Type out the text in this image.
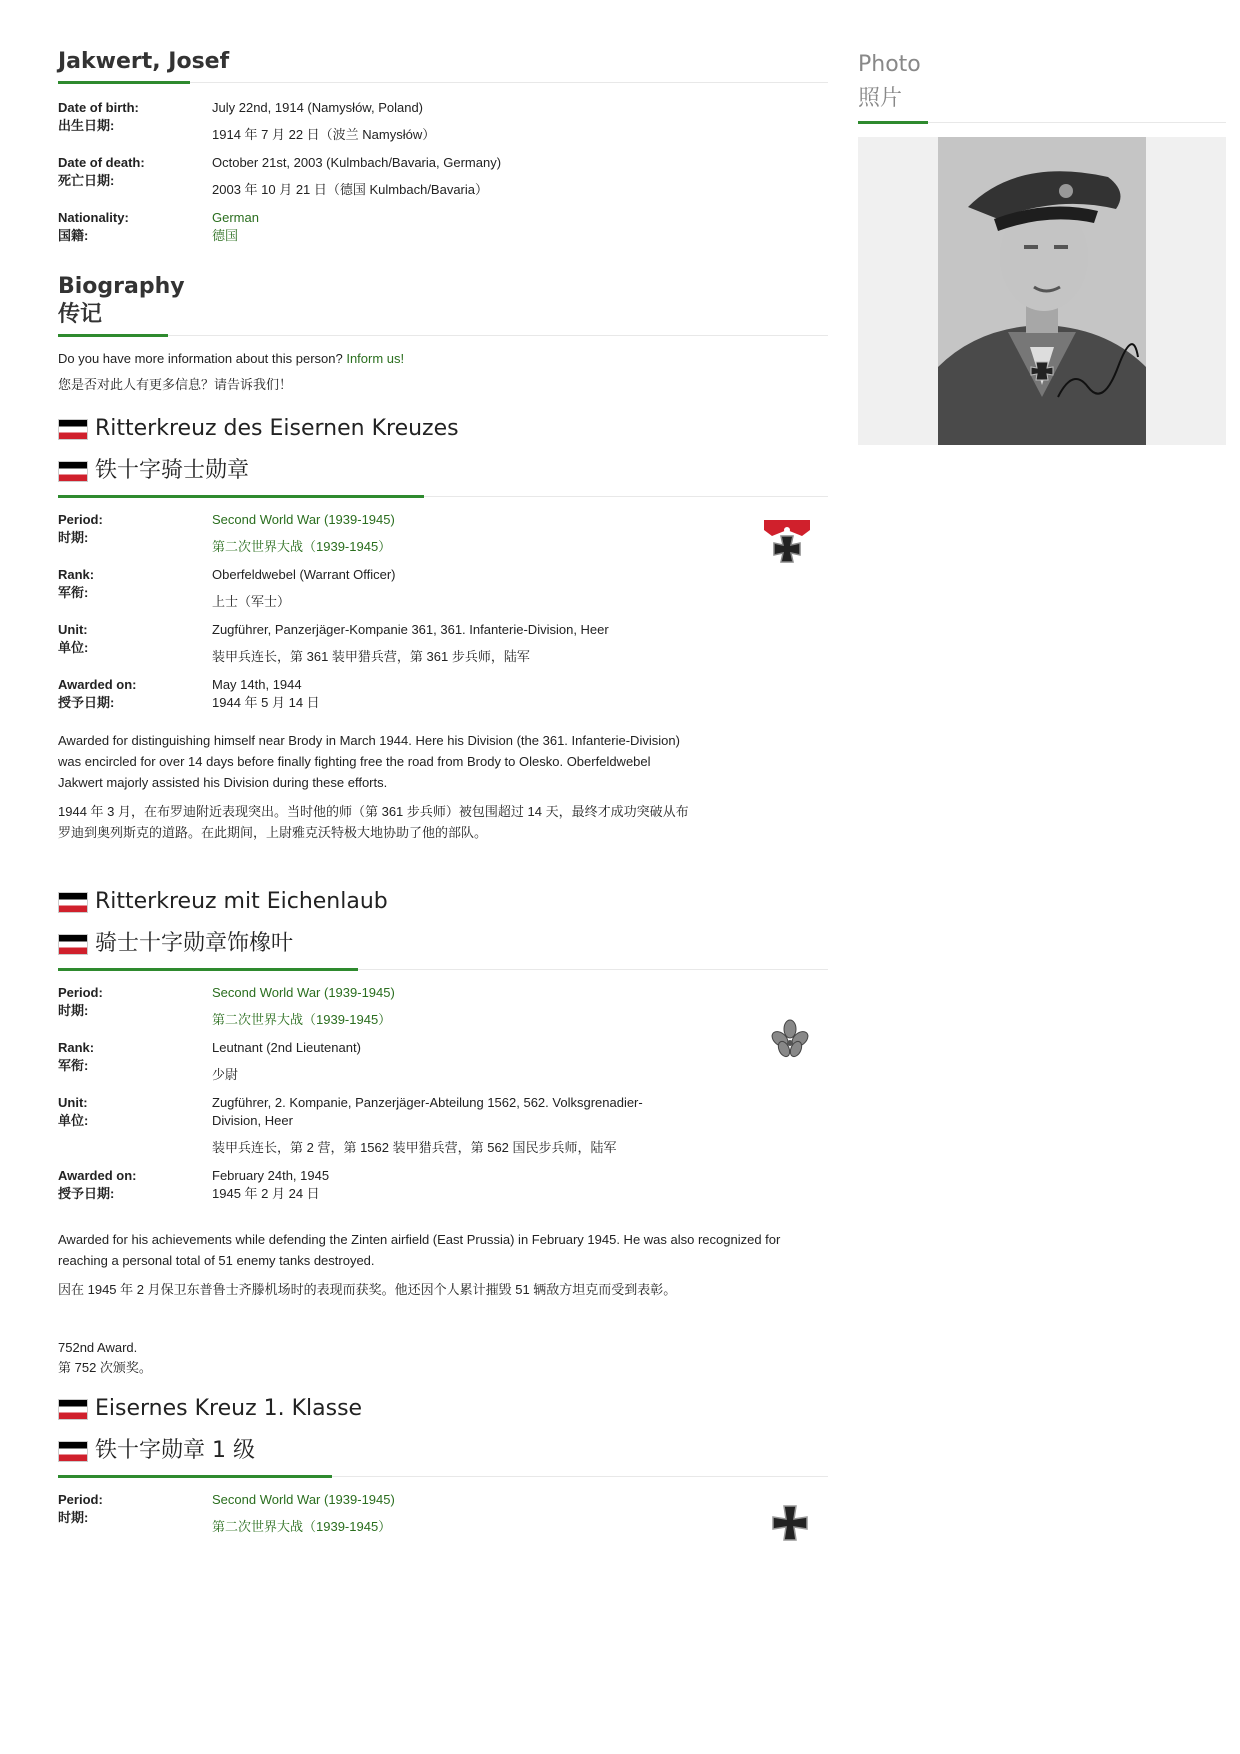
Jakwert, Josef
Date of birth:
出生日期:

July 22nd, 1914 (Namysłów, Poland)

1914 年 7 月 22 日（波兰 Namysłów）

Date of death:
死亡日期:

October 21st, 2003 (Kulmbach/Bavaria, Germany)

2003 年 10 月 21 日（德国 Kulmbach/Bavaria）

Nationality:
国籍:

German

德国

Biography
传记

Do you have more information about this person? Inform us!

您是否对此人有更多信息？请告诉我们！

Ritterkreuz des Eisernen Kreuzes
铁十字骑士勋章
Period:
时期:

Second World War (1939-1945)

第二次世界大战（1939-1945）

Rank:
军衔:

Oberfeldwebel (Warrant Officer)

上士（军士）

Unit:
单位:

Zugführer, Panzerjäger-Kompanie 361, 361. Infanterie-Division, Heer

装甲兵连长，第 361 装甲猎兵营，第 361 步兵师，陆军

Awarded on:
授予日期:

May 14th, 1944

1944 年 5 月 14 日

Awarded for distinguishing himself near Brody in March 1944. Here his Division (the 361. Infanterie-Division) was encircled for over 14 days before finally fighting free the road from Brody to Olesko. Oberfeldwebel Jakwert majorly assisted his Division during these efforts.

1944 年 3 月，在布罗迪附近表现突出。当时他的师（第 361 步兵师）被包围超过 14 天，最终才成功突破从布罗迪到奥列斯克的道路。在此期间，上尉雅克沃特极大地协助了他的部队。

Ritterkreuz mit Eichenlaub
骑士十字勋章饰橡叶
Period:
时期:

Second World War (1939-1945)

第二次世界大战（1939-1945）

Rank:
军衔:

Leutnant (2nd Lieutenant)

少尉

Unit:
单位:

Zugführer, 2. Kompanie, Panzerjäger-Abteilung 1562, 562. Volksgrenadier-Division, Heer

装甲兵连长，第 2 营，第 1562 装甲猎兵营，第 562 国民步兵师，陆军

Awarded on:
授予日期:

February 24th, 1945

1945 年 2 月 24 日

Awarded for his achievements while defending the Zinten airfield (East Prussia) in February 1945. He was also recognized for reaching a personal total of 51 enemy tanks destroyed.

因在 1945 年 2 月保卫东普鲁士齐滕机场时的表现而获奖。他还因个人累计摧毁 51 辆敌方坦克而受到表彰。

752nd Award.
第 752 次颁奖。

Eisernes Kreuz 1. Klasse
铁十字勋章 1 级
Period:
时期:

Second World War (1939-1945)

第二次世界大战（1939-1945）

Photo
照片
